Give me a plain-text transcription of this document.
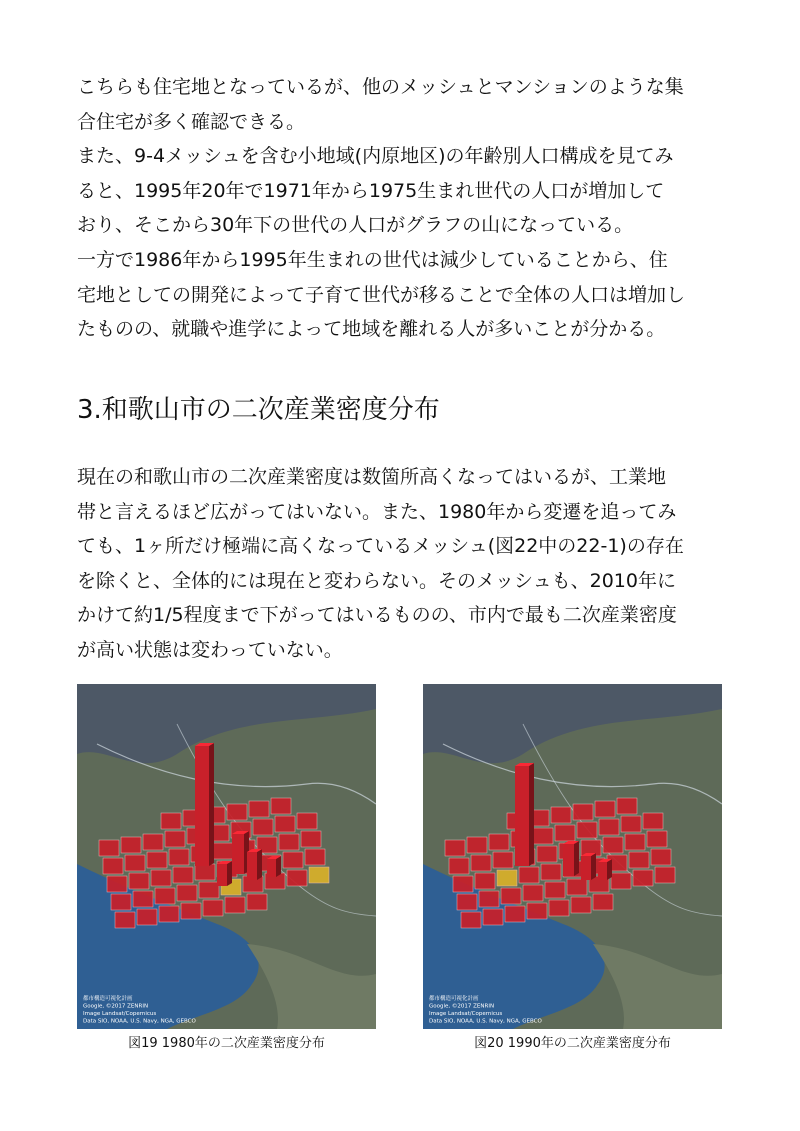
こちらも住宅地となっているが、他のメッシュとマンションのような集

合住宅が多く確認できる。

また、9-4メッシュを含む小地域(内原地区)の年齢別人口構成を見てみ

ると、1995年20年で1971年から1975生まれ世代の人口が増加して

おり、そこから30年下の世代の人口がグラフの山になっている。

一方で1986年から1995年生まれの世代は減少していることから、住

宅地としての開発によって子育て世代が移ることで全体の人口は増加し

たものの、就職や進学によって地域を離れる人が多いことが分かる。

3.和歌山市の二次産業密度分布

現在の和歌山市の二次産業密度は数箇所高くなってはいるが、工業地

帯と言えるほど広がってはいない。また、1980年から変遷を追ってみ

ても、1ヶ所だけ極端に高くなっているメッシュ(図22中の22-1)の存在

を除くと、全体的には現在と変わらない。そのメッシュも、2010年に

かけて約1/5程度まで下がってはいるものの、市内で最も二次産業密度

が高い状態は変わっていない。

都市構造可視化計画
Google, ©2017 ZENRIN
Image Landsat/Copernicus
Data SIO, NOAA, U.S. Navy, NGA, GEBCO
図19 1980年の二次産業密度分布
都市構造可視化計画
Google, ©2017 ZENRIN
Image Landsat/Copernicus
Data SIO, NOAA, U.S. Navy, NGA, GEBCO
図20 1990年の二次産業密度分布
